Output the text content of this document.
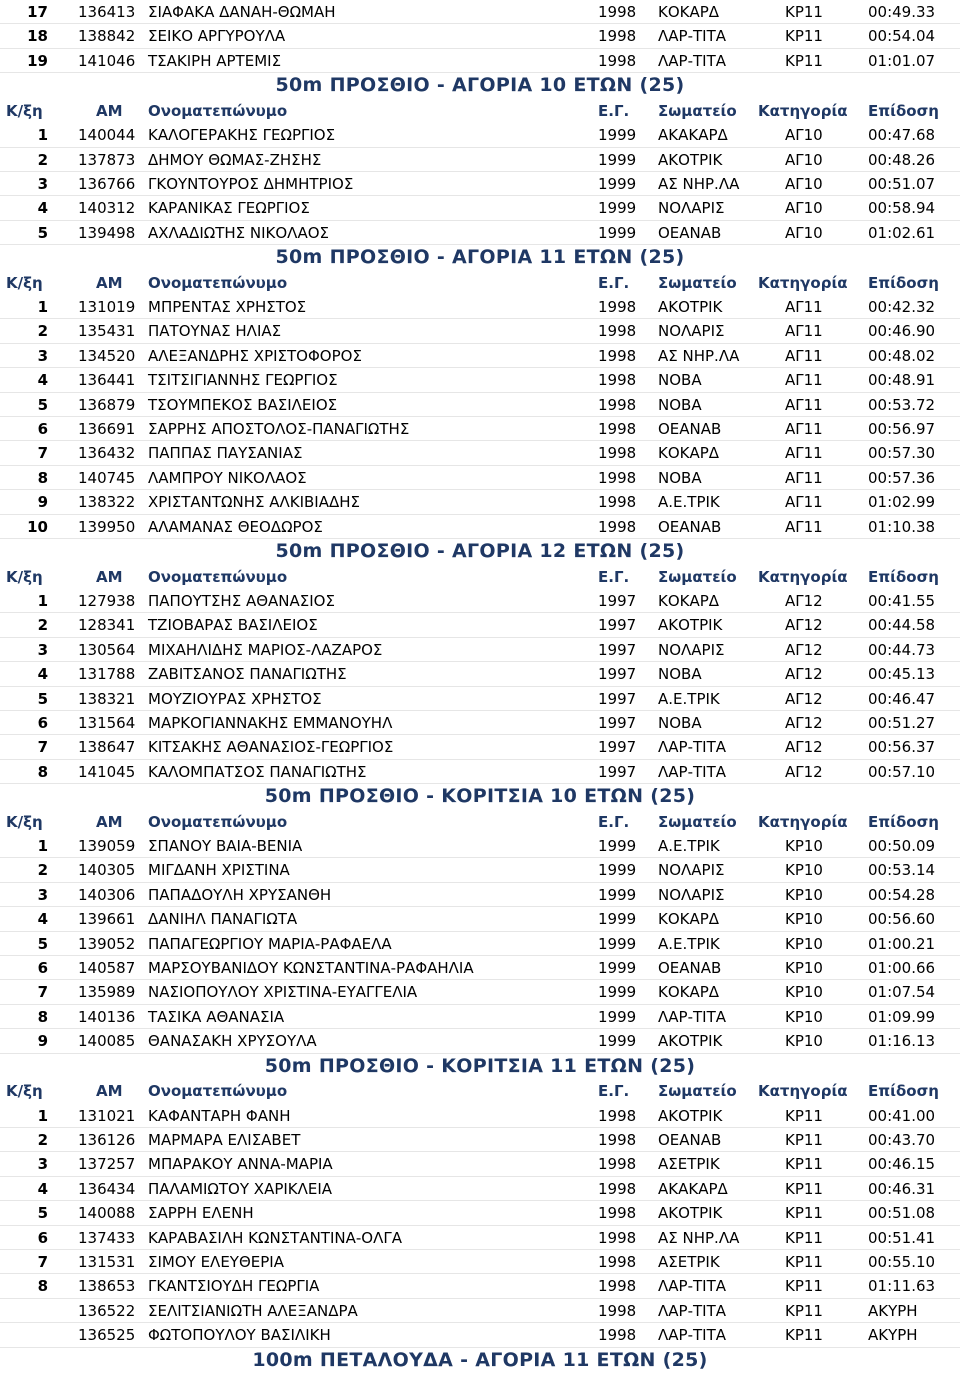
17 136413 ΣΙΑΦΑΚΑ ΔΑΝΑΗ-ΘΩΜΑΗ	1998 ΚΟΚΑΡΔ	ΚΡ11	00:49.33
18 138842 ΣΕΙΚΟ ΑΡΓΥΡΟΥΛΑ	1998 ΛΑΡ-ΤΙΤΑ	ΚΡ11	00:54.04
19 141046 ΤΣΑΚΙΡΗ ΑΡΤΕΜΙΣ	1998 ΛΑΡ-ΤΙΤΑ	ΚΡ11	01:01.07
50m ΠΡΟΣΘΙΟ - ΑΓΟΡΙΑ 10 ΕΤΩΝ (25)
Κ/ξη	ΑΜ Ονοματεπώνυμο	Ε.Γ. Σωματείο Κατηγορία Επίδοση
1 140044 ΚΑΛΟΓΕΡΑΚΗΣ ΓΕΩΡΓΙΟΣ	1999 ΑΚΑΚΑΡΔ	ΑΓ10	00:47.68
2 137873 ΔΗΜΟΥ ΘΩΜΑΣ-ΖΗΣΗΣ	1999 ΑΚΟΤΡΙΚ	ΑΓ10	00:48.26
3 136766 ΓΚΟΥΝΤΟΥΡΟΣ ΔΗΜΗΤΡΙΟΣ	1999 ΑΣ ΝΗΡ.ΛΑ	ΑΓ10	00:51.07
4 140312 ΚΑΡΑΝΙΚΑΣ ΓΕΩΡΓΙΟΣ	1999 ΝΟΛΑΡΙΣ	ΑΓ10	00:58.94
5 139498 ΑΧΛΑΔΙΩΤΗΣ ΝΙΚΟΛΑΟΣ	1999 ΟΕΑΝΑΒ	ΑΓ10	01:02.61
50m ΠΡΟΣΘΙΟ - ΑΓΟΡΙΑ 11 ΕΤΩΝ (25)
Κ/ξη	ΑΜ Ονοματεπώνυμο	Ε.Γ. Σωματείο Κατηγορία Επίδοση
1 131019 ΜΠΡΕΝΤΑΣ ΧΡΗΣΤΟΣ	1998 ΑΚΟΤΡΙΚ	ΑΓ11	00:42.32
2 135431 ΠΑΤΟΥΝΑΣ ΗΛΙΑΣ	1998 ΝΟΛΑΡΙΣ	ΑΓ11	00:46.90
3 134520 ΑΛΕΞΑΝΔΡΗΣ ΧΡΙΣΤΟΦΟΡΟΣ	1998 ΑΣ ΝΗΡ.ΛΑ	ΑΓ11	00:48.02
4 136441 ΤΣΙΤΣΙΓΙΑΝΝΗΣ ΓΕΩΡΓΙΟΣ	1998 ΝΟΒΑ	ΑΓ11	00:48.91
5 136879 ΤΣΟΥΜΠΕΚΟΣ ΒΑΣΙΛΕΙΟΣ	1998 ΝΟΒΑ	ΑΓ11	00:53.72
6 136691 ΣΑΡΡΗΣ ΑΠΟΣΤΟΛΟΣ-ΠΑΝΑΓΙΩΤΗΣ	1998 ΟΕΑΝΑΒ	ΑΓ11	00:56.97
7 136432 ΠΑΠΠΑΣ ΠΑΥΣΑΝΙΑΣ	1998 ΚΟΚΑΡΔ	ΑΓ11	00:57.30
8 140745 ΛΑΜΠΡΟΥ ΝΙΚΟΛΑΟΣ	1998 ΝΟΒΑ	ΑΓ11	00:57.36
9 138322 ΧΡΙΣΤΑΝΤΩΝΗΣ ΑΛΚΙΒΙΑΔΗΣ	1998 Α.Ε.ΤΡΙΚ	ΑΓ11	01:02.99
10 139950 ΑΛΑΜΑΝΑΣ ΘΕΟΔΩΡΟΣ	1998 ΟΕΑΝΑΒ	ΑΓ11	01:10.38
50m ΠΡΟΣΘΙΟ - ΑΓΟΡΙΑ 12 ΕΤΩΝ (25)
Κ/ξη	ΑΜ Ονοματεπώνυμο	Ε.Γ. Σωματείο Κατηγορία Επίδοση
1 127938 ΠΑΠΟΥΤΣΗΣ ΑΘΑΝΑΣΙΟΣ	1997 ΚΟΚΑΡΔ	ΑΓ12	00:41.55
2 128341 ΤΖΙΟΒΑΡΑΣ ΒΑΣΙΛΕΙΟΣ	1997 ΑΚΟΤΡΙΚ	ΑΓ12	00:44.58
3 130564 ΜΙΧΑΗΛΙΔΗΣ ΜΑΡΙΟΣ-ΛΑΖΑΡΟΣ	1997 ΝΟΛΑΡΙΣ	ΑΓ12	00:44.73
4 131788 ΖΑΒΙΤΣΑΝΟΣ ΠΑΝΑΓΙΩΤΗΣ	1997 ΝΟΒΑ	ΑΓ12	00:45.13
5 138321 ΜΟΥΖΙΟΥΡΑΣ ΧΡΗΣΤΟΣ	1997 Α.Ε.ΤΡΙΚ	ΑΓ12	00:46.47
6 131564 ΜΑΡΚΟΓΙΑΝΝΑΚΗΣ ΕΜΜΑΝΟΥΗΛ	1997 ΝΟΒΑ	ΑΓ12	00:51.27
7 138647 ΚΙΤΣΑΚΗΣ ΑΘΑΝΑΣΙΟΣ-ΓΕΩΡΓΙΟΣ	1997 ΛΑΡ-ΤΙΤΑ	ΑΓ12	00:56.37
8 141045 ΚΑΛΟΜΠΑΤΣΟΣ ΠΑΝΑΓΙΩΤΗΣ	1997 ΛΑΡ-ΤΙΤΑ	ΑΓ12	00:57.10
50m ΠΡΟΣΘΙΟ - ΚΟΡΙΤΣΙΑ 10 ΕΤΩΝ (25)
Κ/ξη	ΑΜ Ονοματεπώνυμο	Ε.Γ. Σωματείο Κατηγορία Επίδοση
1 139059 ΣΠΑΝΟΥ ΒΑΙΑ-ΒΕΝΙΑ	1999 Α.Ε.ΤΡΙΚ	ΚΡ10	00:50.09
2 140305 ΜΙΓΔΑΝΗ ΧΡΙΣΤΙΝΑ	1999 ΝΟΛΑΡΙΣ	ΚΡ10	00:53.14
3 140306 ΠΑΠΑΔΟΥΛΗ ΧΡΥΣΑΝΘΗ	1999 ΝΟΛΑΡΙΣ	ΚΡ10	00:54.28
4 139661 ΔΑΝΙΗΛ ΠΑΝΑΓΙΩΤΑ	1999 ΚΟΚΑΡΔ	ΚΡ10	00:56.60
5 139052 ΠΑΠΑΓΕΩΡΓΙΟΥ ΜΑΡΙΑ-ΡΑΦΑΕΛΑ	1999 Α.Ε.ΤΡΙΚ	ΚΡ10	01:00.21
6 140587 ΜΑΡΣΟΥΒΑΝΙΔΟΥ ΚΩΝΣΤΑΝΤΙΝΑ-ΡΑΦΑΗΛΙΑ	1999 ΟΕΑΝΑΒ	ΚΡ10	01:00.66
7 135989 ΝΑΣΙΟΠΟΥΛΟΥ ΧΡΙΣΤΙΝΑ-ΕΥΑΓΓΕΛΙΑ	1999 ΚΟΚΑΡΔ	ΚΡ10	01:07.54
8 140136 ΤΑΣΙΚΑ ΑΘΑΝΑΣΙΑ	1999 ΛΑΡ-ΤΙΤΑ	ΚΡ10	01:09.99
9 140085 ΘΑΝΑΣΑΚΗ ΧΡΥΣΟΥΛΑ	1999 ΑΚΟΤΡΙΚ	ΚΡ10	01:16.13
50m ΠΡΟΣΘΙΟ - ΚΟΡΙΤΣΙΑ 11 ΕΤΩΝ (25)
Κ/ξη	ΑΜ Ονοματεπώνυμο	Ε.Γ. Σωματείο Κατηγορία Επίδοση
1 131021 ΚΑΦΑΝΤΑΡΗ ΦΑΝΗ	1998 ΑΚΟΤΡΙΚ	ΚΡ11	00:41.00
2 136126 ΜΑΡΜΑΡΑ ΕΛΙΣΑΒΕΤ	1998 ΟΕΑΝΑΒ	ΚΡ11	00:43.70
3 137257 ΜΠΑΡΑΚΟΥ ΑΝΝΑ-ΜΑΡΙΑ	1998 ΑΣΕΤΡΙΚ	ΚΡ11	00:46.15
4 136434 ΠΑΛΑΜΙΩΤΟΥ ΧΑΡΙΚΛΕΙΑ	1998 ΑΚΑΚΑΡΔ	ΚΡ11	00:46.31
5 140088 ΣΑΡΡΗ ΕΛΕΝΗ	1998 ΑΚΟΤΡΙΚ	ΚΡ11	00:51.08
6 137433 ΚΑΡΑΒΑΣΙΛΗ ΚΩΝΣΤΑΝΤΙΝΑ-ΟΛΓΑ	1998 ΑΣ ΝΗΡ.ΛΑ	ΚΡ11	00:51.41
7 131531 ΣΙΜΟΥ ΕΛΕΥΘΕΡΙΑ	1998 ΑΣΕΤΡΙΚ	ΚΡ11	00:55.10
8 138653 ΓΚΑΝΤΣΙΟΥΔΗ ΓΕΩΡΓΙΑ	1998 ΛΑΡ-ΤΙΤΑ	ΚΡ11	01:11.63
136522 ΣΕΛΙΤΣΙΑΝΙΩΤΗ ΑΛΕΞΑΝΔΡΑ	1998 ΛΑΡ-ΤΙΤΑ	ΚΡ11	ΑΚΥΡΗ
136525 ΦΩΤΟΠΟΥΛΟΥ ΒΑΣΙΛΙΚΗ	1998 ΛΑΡ-ΤΙΤΑ	ΚΡ11	ΑΚΥΡΗ
100m ΠΕΤΑΛΟΥΔΑ - ΑΓΟΡΙΑ 11 ΕΤΩΝ (25)
